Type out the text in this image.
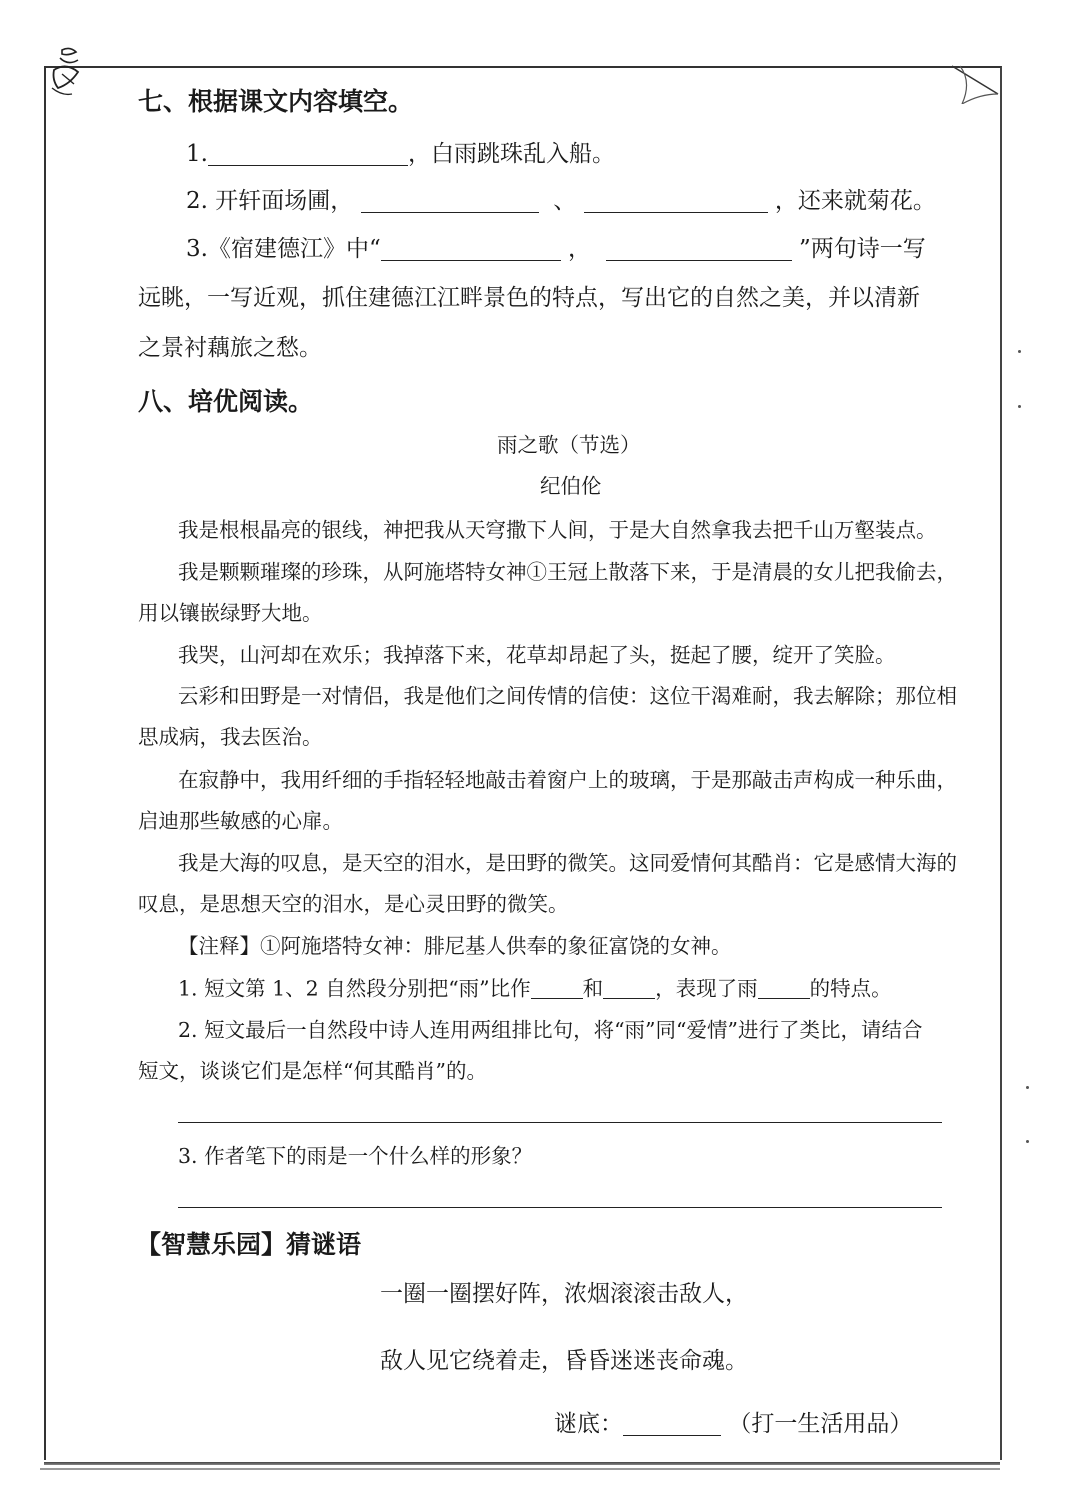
七、根据课文内容填空。
1.	，白雨跳珠乱入船。
2. 开轩面场圃，	、	，还来就菊花。
3.《宿建德江》中“	，	”两句诗一写
远眺，一写近观，抓住建德江江畔景色的特点，写出它的自然之美，并以清新
之景衬藕旅之愁。
八、培优阅读。
雨之歌（节选）
纪伯伦
我是根根晶亮的银线，神把我从天穹撒下人间，于是大自然拿我去把千山万壑装点。
我是颗颗璀璨的珍珠，从阿施塔特女神①王冠上散落下来，于是清晨的女儿把我偷去，
用以镶嵌绿野大地。
我哭，山河却在欢乐；我掉落下来，花草却昂起了头，挺起了腰，绽开了笑脸。
云彩和田野是一对情侣，我是他们之间传情的信使：这位干渴难耐，我去解除；那位相
思成病，我去医治。
在寂静中，我用纤细的手指轻轻地敲击着窗户上的玻璃，于是那敲击声构成一种乐曲，
启迪那些敏感的心扉。
我是大海的叹息，是天空的泪水，是田野的微笑。这同爱情何其酷肖：它是感情大海的
叹息，是思想天空的泪水，是心灵田野的微笑。
【注释】①阿施塔特女神：腓尼基人供奉的象征富饶的女神。
1. 短文第 1、2 自然段分别把“雨”比作	和	，表现了雨	的特点。
2. 短文最后一自然段中诗人连用两组排比句，将“雨”同“爱情”进行了类比，请结合
短文，谈谈它们是怎样“何其酷肖”的。
3. 作者笔下的雨是一个什么样的形象？
【智慧乐园】猜谜语
一圈一圈摆好阵，浓烟滚滚击敌人，
敌人见它绕着走，昏昏迷迷丧命魂。
谜底：	（打一生活用品）
